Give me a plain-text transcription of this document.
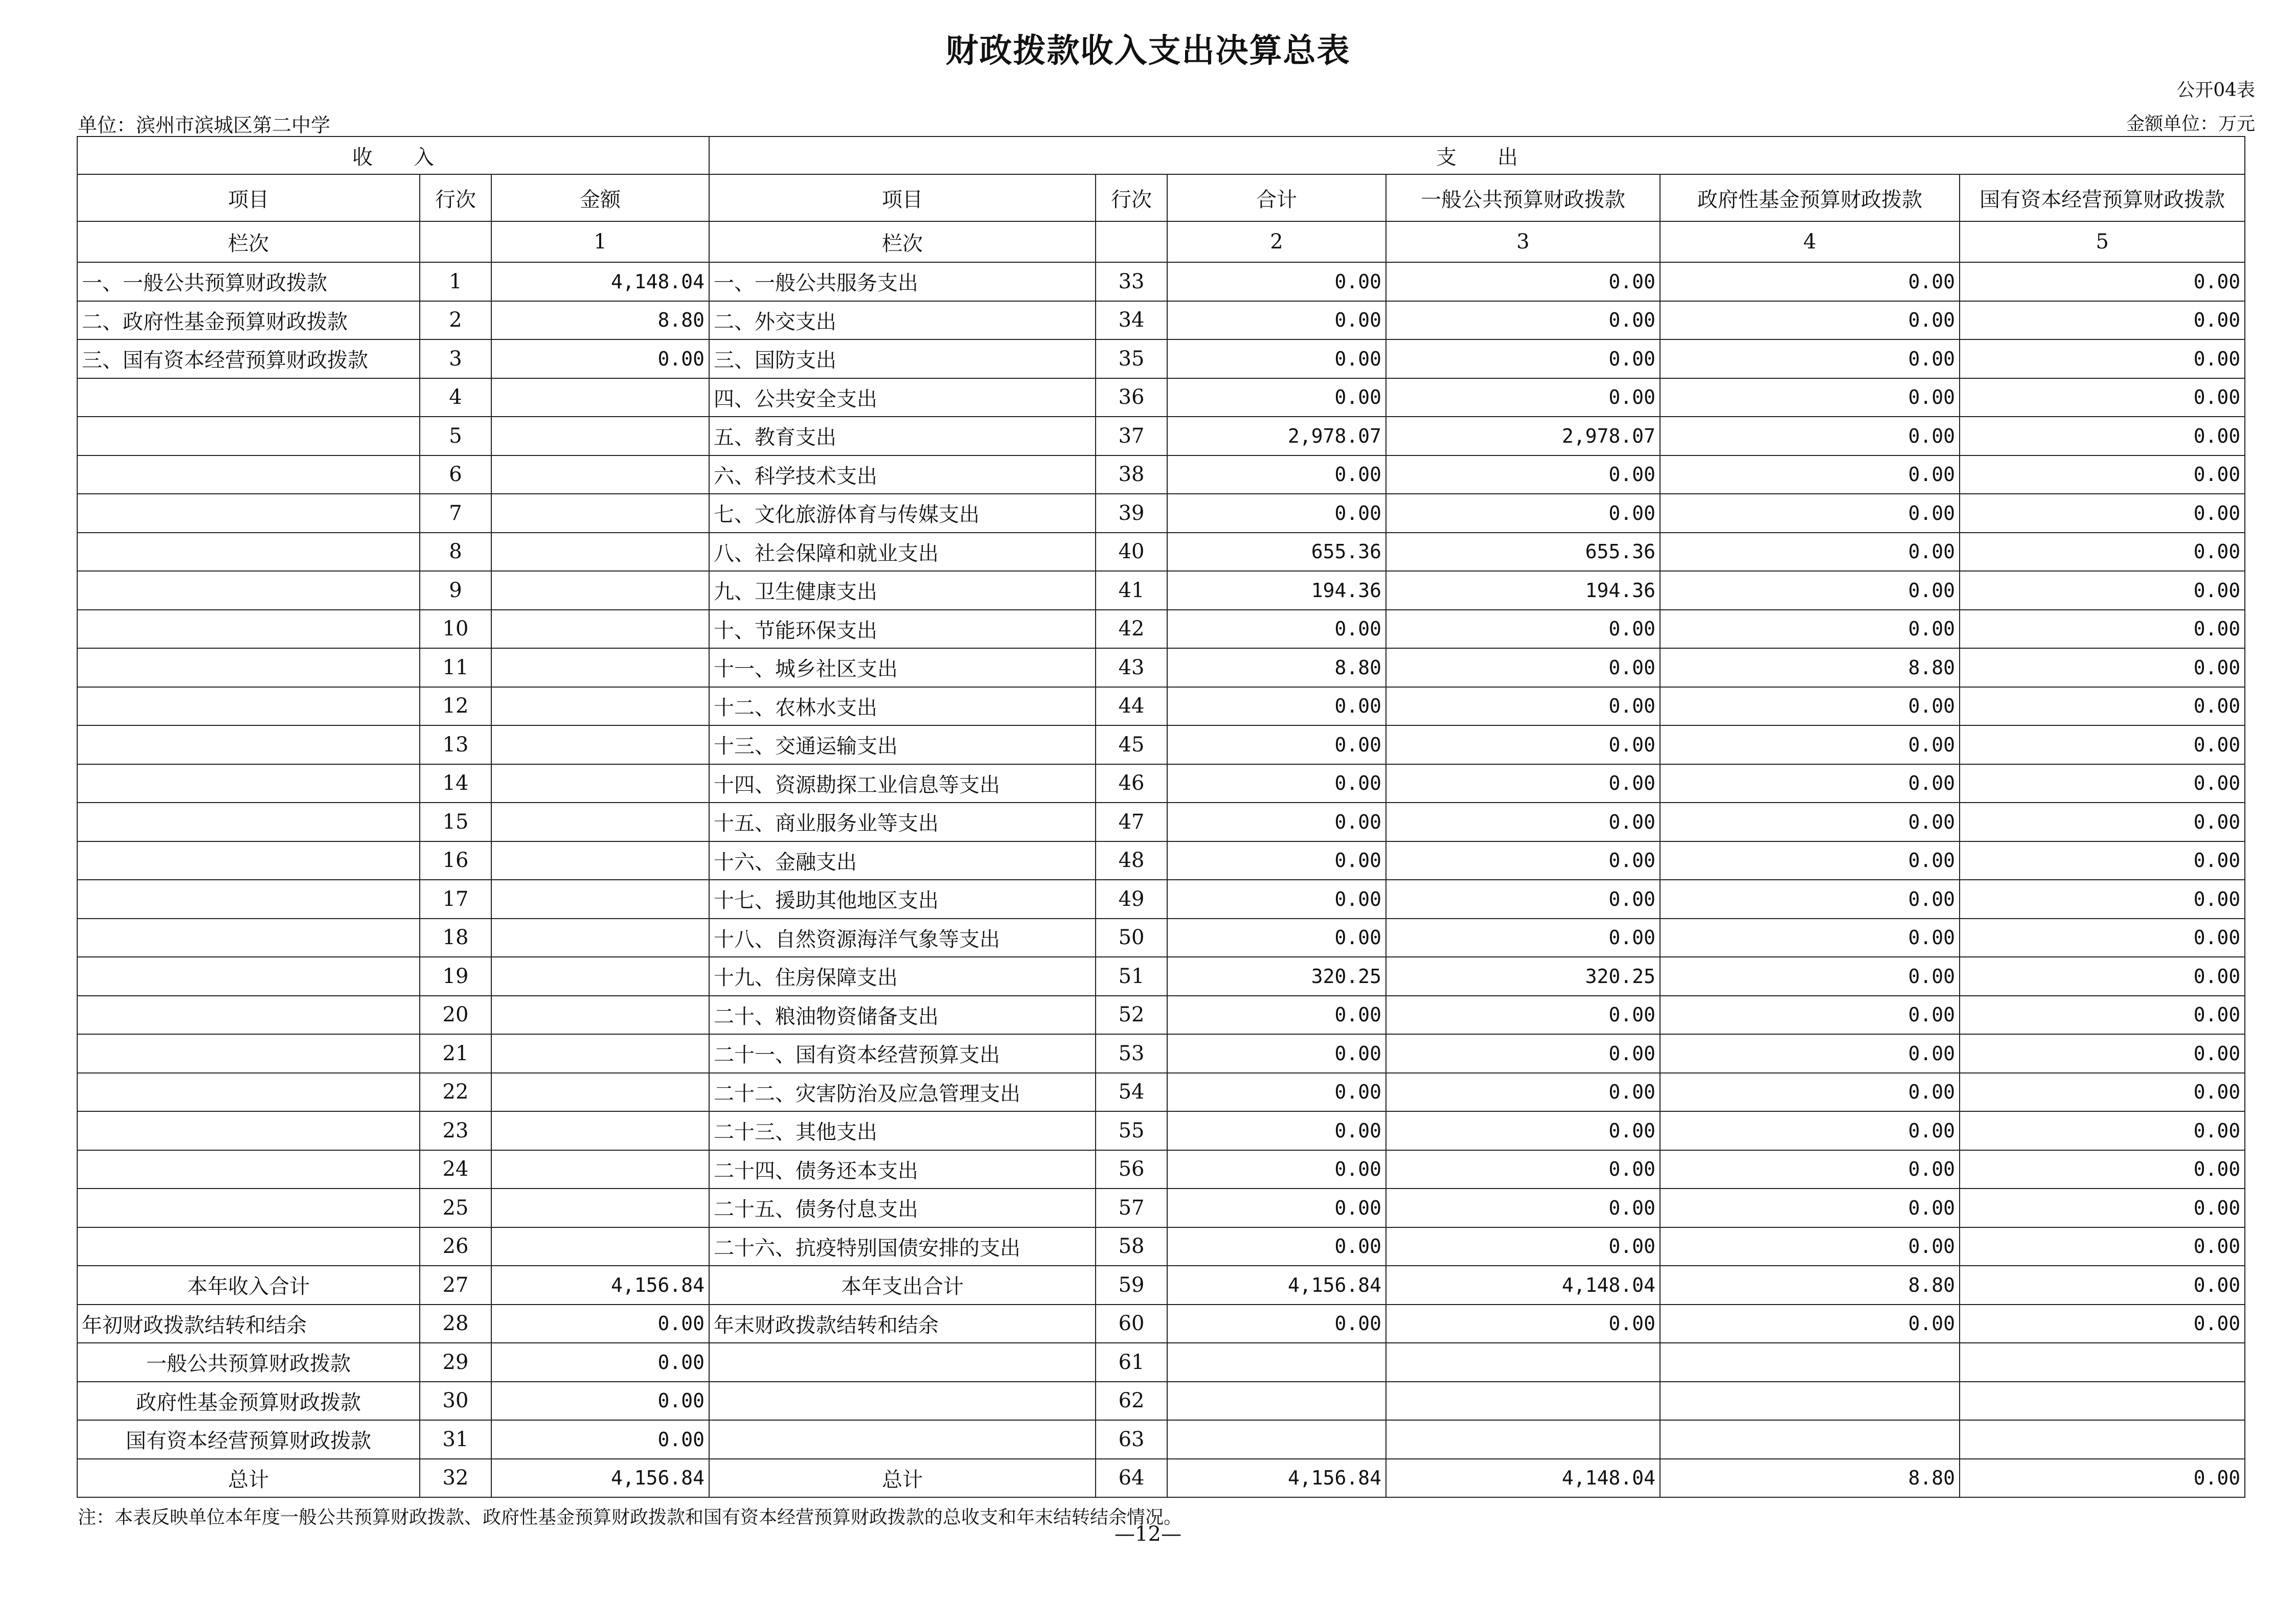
财政拨款收入支出决算总表
公开04表
单位：滨州市滨城区第二中学	金额单位：万元
收　　入			支　　出					
项目	行次	金额	项目	行次	合计	一般公共预算财政拨款	政府性基金预算财政拨款	国有资本经营预算财政拨款
栏次		1	栏次		2	3	4	5
一、一般公共预算财政拨款	1	4,148.04	一、一般公共服务支出	33	0.00	0.00	0.00	0.00
二、政府性基金预算财政拨款	2	8.80	二、外交支出	34	0.00	0.00	0.00	0.00
三、国有资本经营预算财政拨款	3	0.00	三、国防支出	35	0.00	0.00	0.00	0.00
	4		四、公共安全支出	36	0.00	0.00	0.00	0.00
	5		五、教育支出	37	2,978.07	2,978.07	0.00	0.00
	6		六、科学技术支出	38	0.00	0.00	0.00	0.00
	7		七、文化旅游体育与传媒支出	39	0.00	0.00	0.00	0.00
	8		八、社会保障和就业支出	40	655.36	655.36	0.00	0.00
	9		九、卫生健康支出	41	194.36	194.36	0.00	0.00
	10		十、节能环保支出	42	0.00	0.00	0.00	0.00
	11		十一、城乡社区支出	43	8.80	0.00	8.80	0.00
	12		十二、农林水支出	44	0.00	0.00	0.00	0.00
	13		十三、交通运输支出	45	0.00	0.00	0.00	0.00
	14		十四、资源勘探工业信息等支出	46	0.00	0.00	0.00	0.00
	15		十五、商业服务业等支出	47	0.00	0.00	0.00	0.00
	16		十六、金融支出	48	0.00	0.00	0.00	0.00
	17		十七、援助其他地区支出	49	0.00	0.00	0.00	0.00
	18		十八、自然资源海洋气象等支出	50	0.00	0.00	0.00	0.00
	19		十九、住房保障支出	51	320.25	320.25	0.00	0.00
	20		二十、粮油物资储备支出	52	0.00	0.00	0.00	0.00
	21		二十一、国有资本经营预算支出	53	0.00	0.00	0.00	0.00
	22		二十二、灾害防治及应急管理支出	54	0.00	0.00	0.00	0.00
	23		二十三、其他支出	55	0.00	0.00	0.00	0.00
	24		二十四、债务还本支出	56	0.00	0.00	0.00	0.00
	25		二十五、债务付息支出	57	0.00	0.00	0.00	0.00
	26		二十六、抗疫特别国债安排的支出	58	0.00	0.00	0.00	0.00
本年收入合计	27	4,156.84	本年支出合计	59	4,156.84	4,148.04	8.80	0.00
年初财政拨款结转和结余	28	0.00	年末财政拨款结转和结余	60	0.00	0.00	0.00	0.00
一般公共预算财政拨款	29	0.00		61				
政府性基金预算财政拨款	30	0.00		62				
国有资本经营预算财政拨款	31	0.00		63				
总计	32	4,156.84	总计	64	4,156.84	4,148.04	8.80	0.00
注：本表反映单位本年度一般公共预算财政拨款、政府性基金预算财政拨款和国有资本经营预算财政拨款的总收支和年末结转结余情况。
—12—
